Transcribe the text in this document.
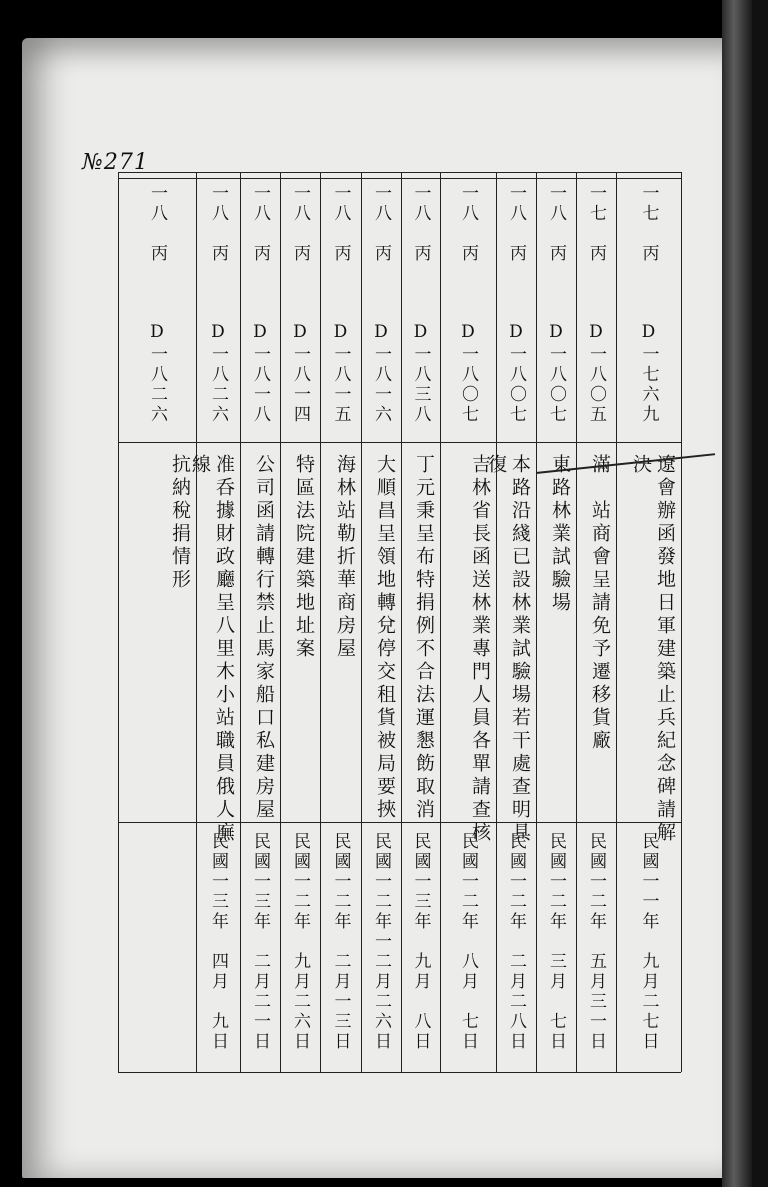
№271
一七
丙
D一七六九
遼會辦函發地日軍建築止兵紀念碑請解
決
民國一一年　九月二七日
一七
丙
D一八〇五
滿　站商會呈請免予遷移貨廠
民國一二年　五月三一日
一八
丙
D一八〇七
東路林業試驗場
民國一二年　三月　七日
一八
丙
D一八〇七
本路沿綫已設林業試驗場若干處查明具
復
民國一二年　二月二八日
一八
丙
D一八〇七
吉林省長函送林業專門人員各單請查核
民國一二年　八月　七日
一八
丙
D一八三八
丁元秉呈布特捐例不合法運懇飭取消
民國一三年　九月　八日
一八
丙
D一八一六
大順昌呈領地轉兌停交租貨被局要挾
民國一二年一二月二六日
一八
丙
D一八一五
海林站勒折華商房屋
民國一二年　二月一三日
一八
丙
D一八一四
特區法院建築地址案
民國一二年　九月二六日
一八
丙
D一八一八
公司函請轉行禁止馬家船口私建房屋
民國一三年　二月二一日
一八
丙
D一八二六
准呑據財政廳呈八里木小站職員俄人廡
線
民國一三年　四月　九日
一八
丙
D一八二六
抗納稅捐情形
